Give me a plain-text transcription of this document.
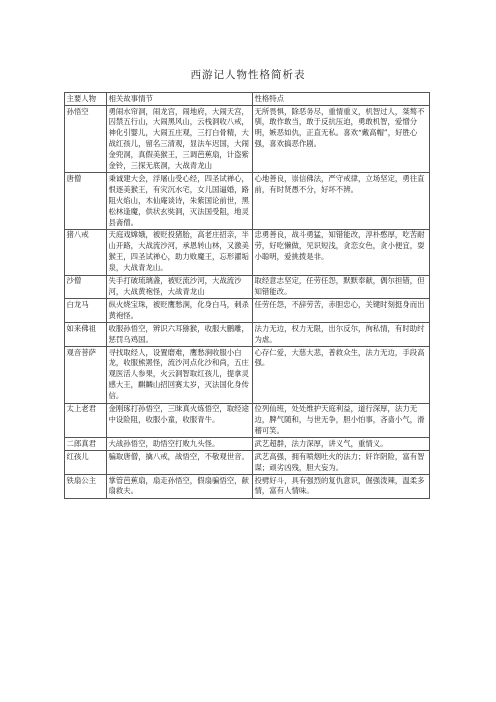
西游记人物性格简析表
主要人物	相关故事情节	性格特点
孙悟空	勇闹水帘洞，闹龙宫，闹地府，大闹天宫，囚禁五行山，大闹黑风山，云栈洞收八戒，神化引婴儿，大闹五庄观，三打白骨精，大战红孩儿，留名三清观，显法车迟国，大闹金兜洞，真假美猴王，三调芭蕉扇，计盗紫金铃，三探无底洞，大战青龙山	无所畏惧，除恶务尽，重情重义，机智过人，桀骜不驯，敢作敢当，敢于反抗压迫，勇敢机智，爱憎分明，嫉恶如仇，正直无私。喜欢“戴高帽”，好胜心强，喜欢搞恶作剧。
唐僧	秉诚建大会，浮屠山受心经，四圣试禅心，恨逐美猴王，有灾沉水宅，女儿国逼婚，路阻火焰山，木仙庵谈诗，朱紫国论前世，黑松林逢魔，供状玄奘洞，灭法国受阻，地灵县斋僧。	心地善良，崇信佛法，严守戒律，立场坚定，勇往直前，有时贤愚不分，好坏不辨。
猪八戒	天庭戏嫦娥，被贬投猪胎，高老庄招亲，半山开路，大战流沙河，承恩转山林，又激美猴王，四圣试禅心，助力败魔王，忘形濯垢泉，大战青龙山。	忠勇善良，战斗勇猛，知错能改，淳朴憨厚，吃苦耐劳，好吃懒做，见识短浅，贪恋女色，贪小便宜，耍小聪明，爱挑拨是非。
沙僧	失手打破琉璃盏，被贬流沙河，大战流沙河，大战黄袍怪，大战青龙山	取经意志坚定，任劳任怨，默默奉献，偶尔担错，但知错能改。
白龙马	纵火烧宝珠，被贬鹰愁涧，化身白马，刺杀黄袍怪。	任劳任怨，不辞劳苦，赤胆忠心，关键时刻挺身而出
如来佛祖	收服孙悟空，辨识六耳猕猴，收服大鹏雕，惩罚乌鸡国。	法力无边，权力无限，出尔反尔，徇私情，有时助纣为虐。
观音菩萨	寻找取经人，设置磨难，鹰愁涧收服小白龙，收服熊罴怪，流沙河点化沙和尚，五庄观医活人参果，火云洞智取红孩儿，提拿灵感大王，麒麟山招回赛太岁，灭法国化身传信。	心存仁爱，大慈大悲，普救众生，法力无边，手段高强。
太上老君	金刚琢打孙悟空，三昧真火炼悟空，取经途中设险阻，收服小童，收服青牛。	位列仙班，处处维护天庭利益，道行深厚，法力无边，脾气随和，与世无争，胆小怕事，吝啬小气，滑稽可笑。
二郎真君	大战孙悟空，助悟空打败九头怪。	武艺超群，法力深厚，讲义气，重情义。
红孩儿	骗取唐僧，擒八戒，战悟空，不敬观世音。	武艺高强，拥有喷烟吐火的法力；奸诈阴险，富有智谋；顽劣凶残，胆大妄为。
铁扇公主	掌管芭蕉扇，扇走孙悟空，假扇骗悟空，献扇救夫。	投劈好斗，具有强烈的复仇意识，倔强泼辣，温柔多情，富有人情味。
